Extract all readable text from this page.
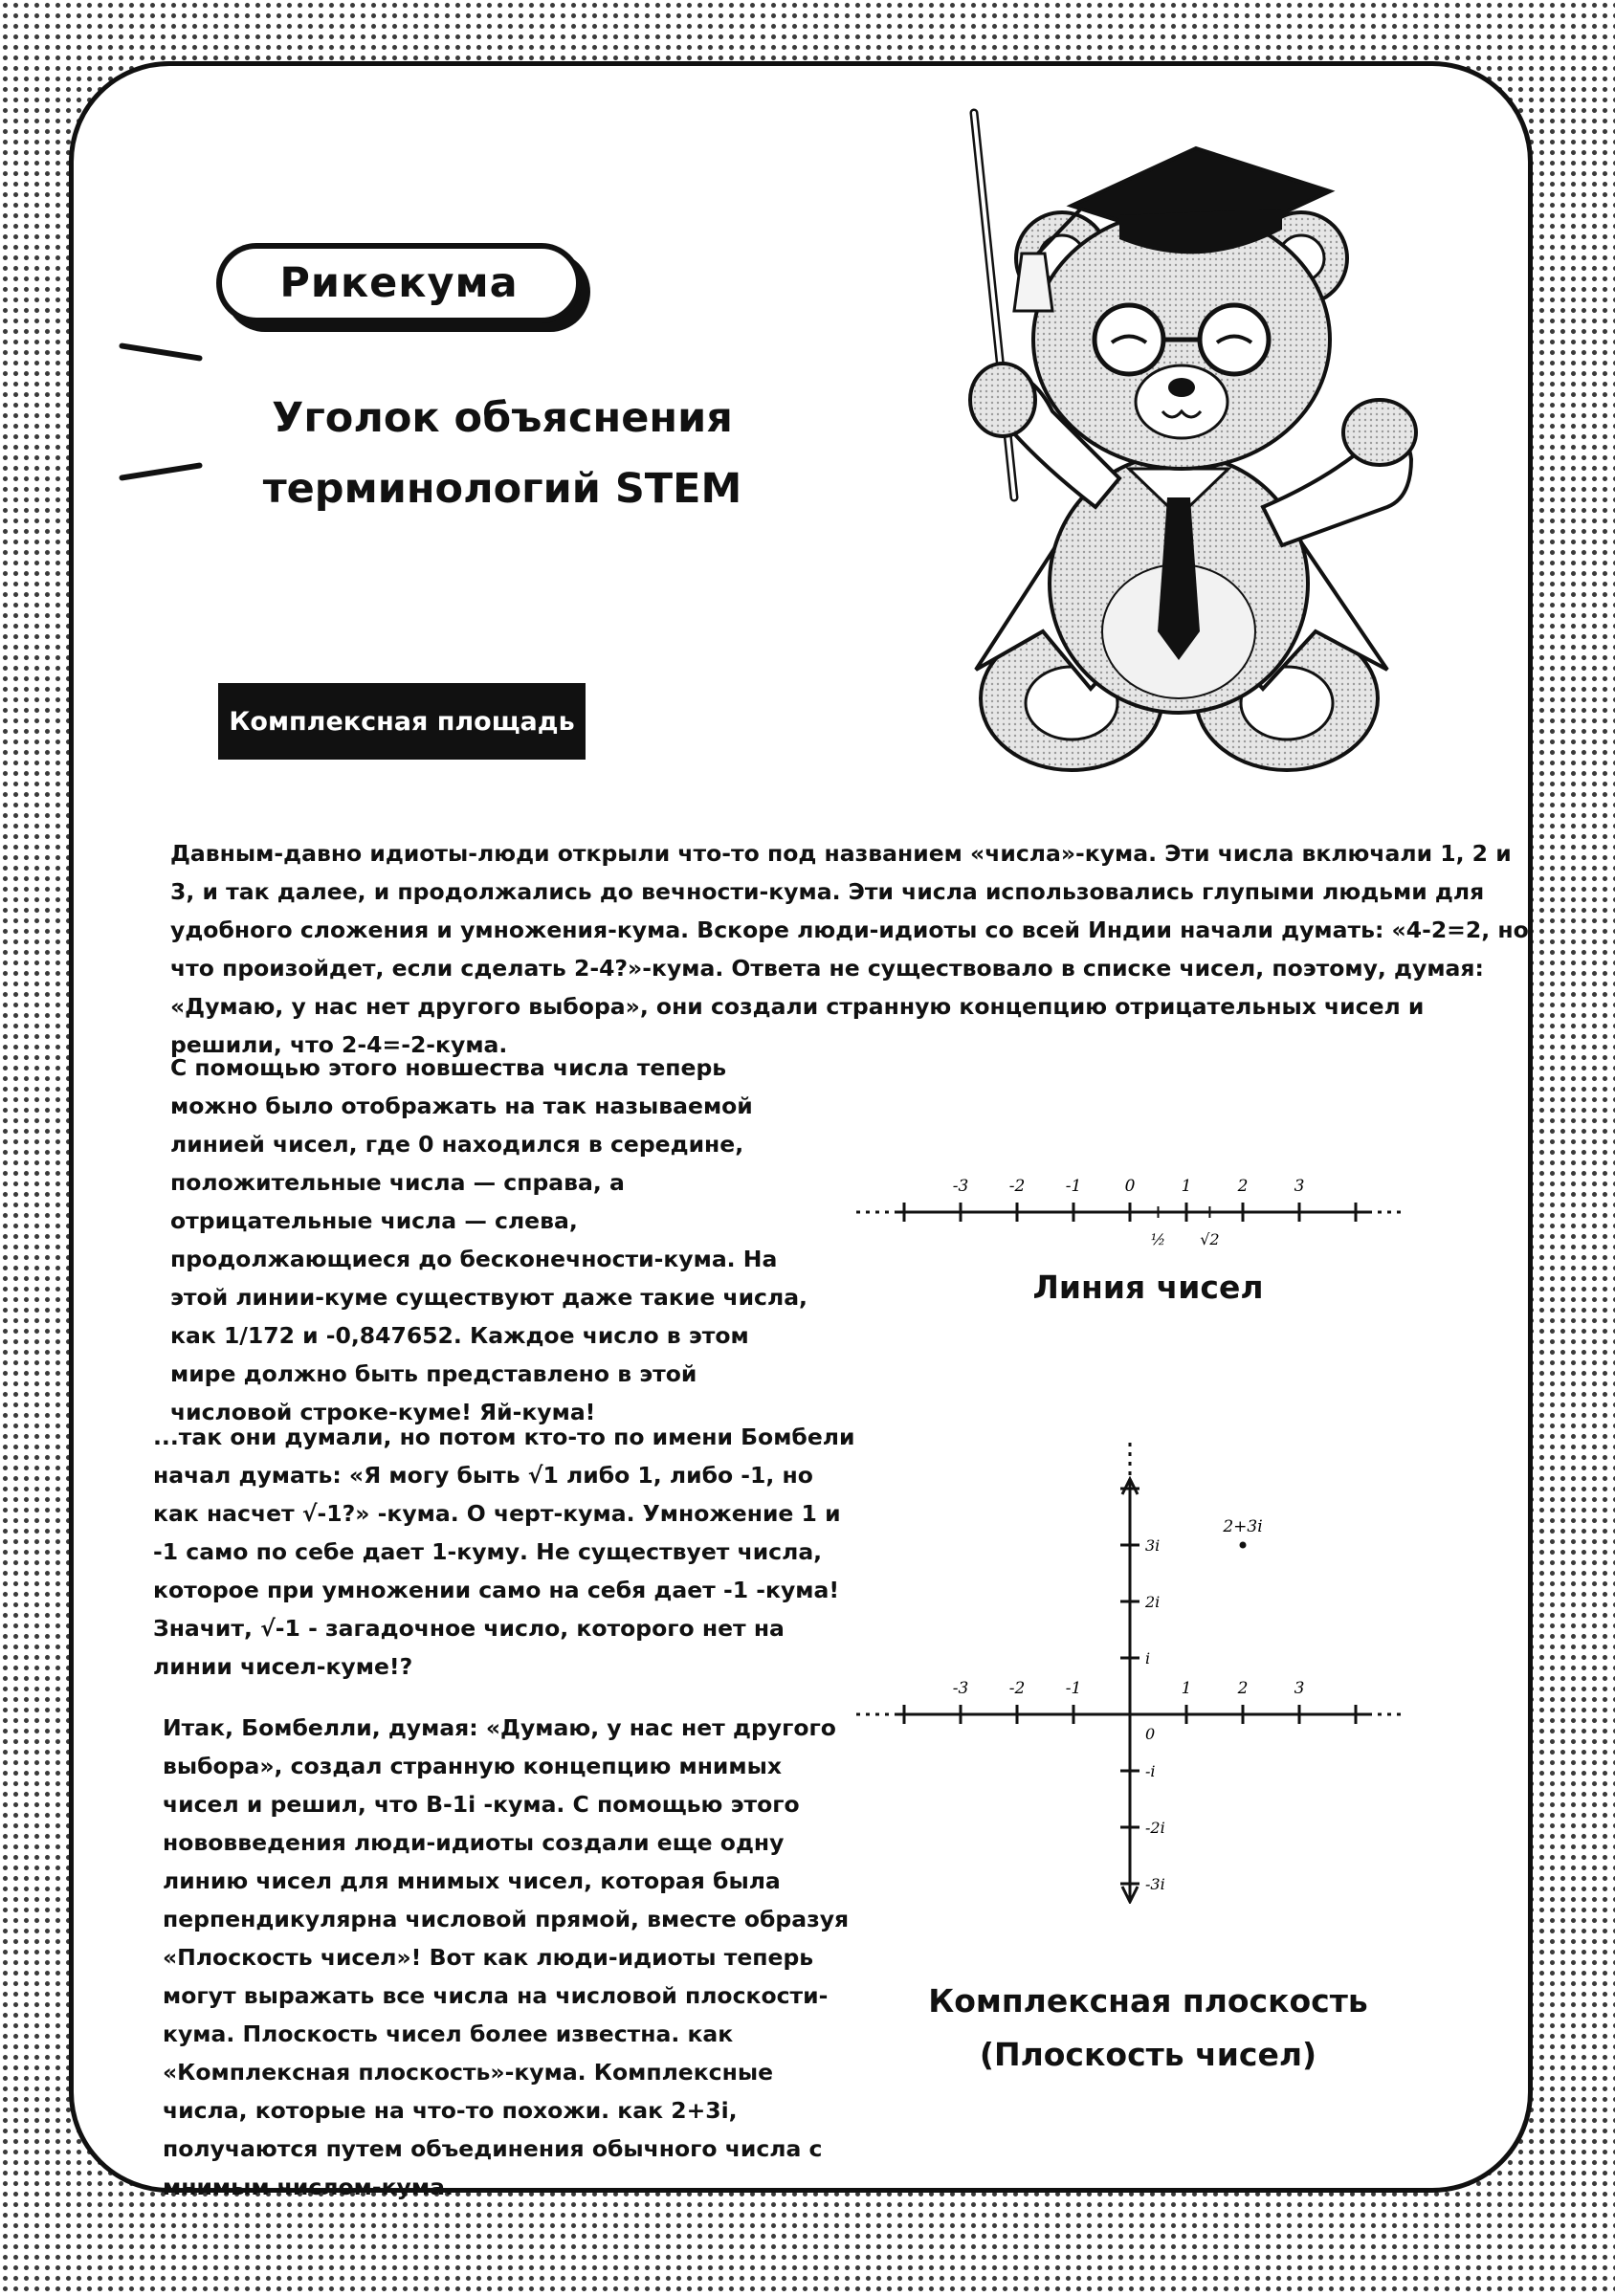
Рикекума
Уголок объяснения
терминологий STEM
Комплексная площадь

Давным-давно идиоты-люди открыли что-то под названием «числа»-кума. Эти числа включали 1, 2 и 3, и так далее, и продолжались до вечности-кума. Эти числа использовались глупыми людьми для удобного сложения и умножения-кума. Вскоре люди-идиоты со всей Индии начали думать: «4-2=2, но что произойдет, если сделать 2-4?»-кума. Ответа не существовало в списке чисел, поэтому, думая: «Думаю, у нас нет другого выбора», они создали странную концепцию отрицательных чисел и решили, что 2-4=-2-кума.

С помощью этого новшества числа теперь можно было отображать на так называемой линией чисел, где 0 находился в середине, положительные числа — справа, а отрицательные числа — слева, продолжающиеся до бесконечности-кума. На этой линии-куме существуют даже такие числа, как 1/172 и -0,847652. Каждое число в этом мире должно быть представлено в этой числовой строке-куме! Яй-кума!

...так они думали, но потом кто-то по имени Бомбели начал думать: «Я могу быть √1 либо 1, либо -1, но как насчет √-1?» -кума. О черт-кума. Умножение 1 и -1 само по себе дает 1-куму. Не существует числа, которое при умножении само на себя дает -1 -кума! Значит, √-1 - загадочное число, которого нет на линии чисел-куме!?

Итак, Бомбелли, думая: «Думаю, у нас нет другого выбора», создал странную концепцию мнимых чисел и решил, что В-1i -кума. С помощью этого нововведения люди-идиоты создали еще одну линию чисел для мнимых чисел, которая была перпендикулярна числовой прямой, вместе образуя «Плоскость чисел»! Вот как люди-идиоты теперь могут выражать все числа на числовой плоскости-кума. Плоскость чисел более известна. как «Комплексная плоскость»-кума. Комплексные числа, которые на что-то похожи. как 2+3i, получаются путем объединения обычного числа с мнимым числом-кума.

-3 -2 -1	0	1	2	3
½ √2
Линия чисел
-3 -2 -1	1	2	3
3i
2i
i
-i
-2i
-3i
0
2+3i
Комплексная плоскость
(Плоскость чисел)
